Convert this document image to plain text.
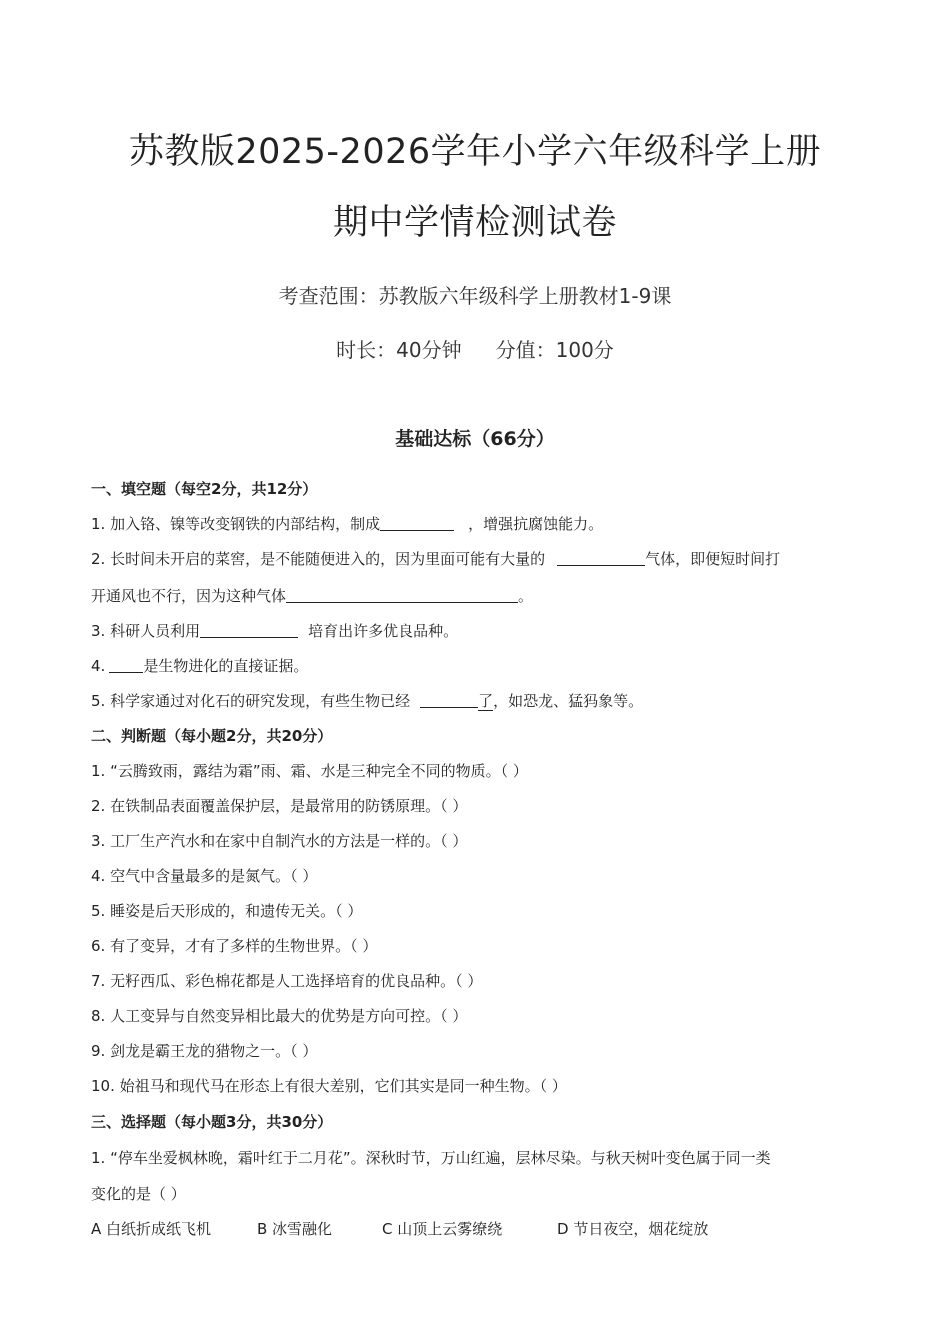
苏教版2025-2026学年小学六年级科学上册
期中学情检测试卷
考查范围：苏教版六年级科学上册教材1-9课
时长：40分钟 分值：100分
基础达标（66分）
一、填空题（每空2分，共12分）
1. 加入铬、镍等改变钢铁的内部结构，制成	，增强抗腐蚀能力。
2. 长时间未开启的菜窖，是不能随便进入的，因为里面可能有大量的	气体，即便短时间打
开通风也不行，因为这种气体	。
3. 科研人员利用	培育出许多优良品种。
4.	是生物进化的直接证据。
5. 科学家通过对化石的研究发现，有些生物已经	了，如恐龙、猛犸象等。
二、判断题（每小题2分，共20分）
1. “云腾致雨，露结为霜”雨、霜、水是三种完全不同的物质。（ ）
2. 在铁制品表面覆盖保护层，是最常用的防锈原理。（ ）
3. 工厂生产汽水和在家中自制汽水的方法是一样的。（ ）
4. 空气中含量最多的是氮气。（ ）
5. 睡姿是后天形成的，和遗传无关。（ ）
6. 有了变异，才有了多样的生物世界。（ ）
7. 无籽西瓜、彩色棉花都是人工选择培育的优良品种。（ ）
8. 人工变异与自然变异相比最大的优势是方向可控。（ ）
9. 剑龙是霸王龙的猎物之一。（ ）
10. 始祖马和现代马在形态上有很大差别，它们其实是同一种生物。（ ）
三、选择题（每小题3分，共30分）
1. “停车坐爱枫林晚，霜叶红于二月花”。深秋时节，万山红遍，层林尽染。与秋天树叶变色属于同一类
变化的是（ ）
A 白纸折成纸飞机	B 冰雪融化	C 山顶上云雾缭绕	D 节日夜空，烟花绽放
